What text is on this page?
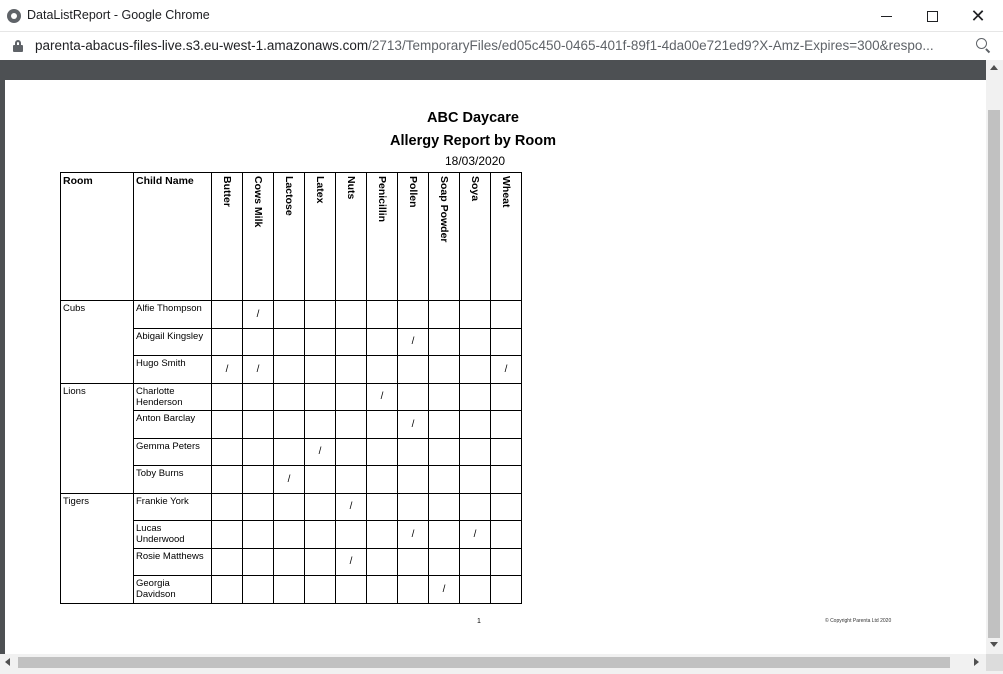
DataListReport - Google Chrome	✕
parenta-abacus-files-live.s3.eu-west-1.amazonaws.com/2713/TemporaryFiles/ed05c450-0465-401f-89f1-4da00e721ed9?X-Amz-Expires=300&respo...
ABC Daycare
Allergy Report by Room
18/03/2020
Room	Child Name	Butter	Cows Milk	Lactose	Latex	Nuts	Penicillin	Pollen	Soap Powder	Soya	Wheat

Cubs	Alfie Thompson		/								
	Abigail Kingsley							/			
	Hugo Smith	/	/								/
Lions	Charlotte Henderson						/				
	Anton Barclay							/			
	Gemma Peters				/						
	Toby Burns			/							
Tigers	Frankie York					/					
	Lucas Underwood							/		/	
	Rosie Matthews					/					
	Georgia Davidson								/		
1	© Copyright Parenta Ltd 2020
